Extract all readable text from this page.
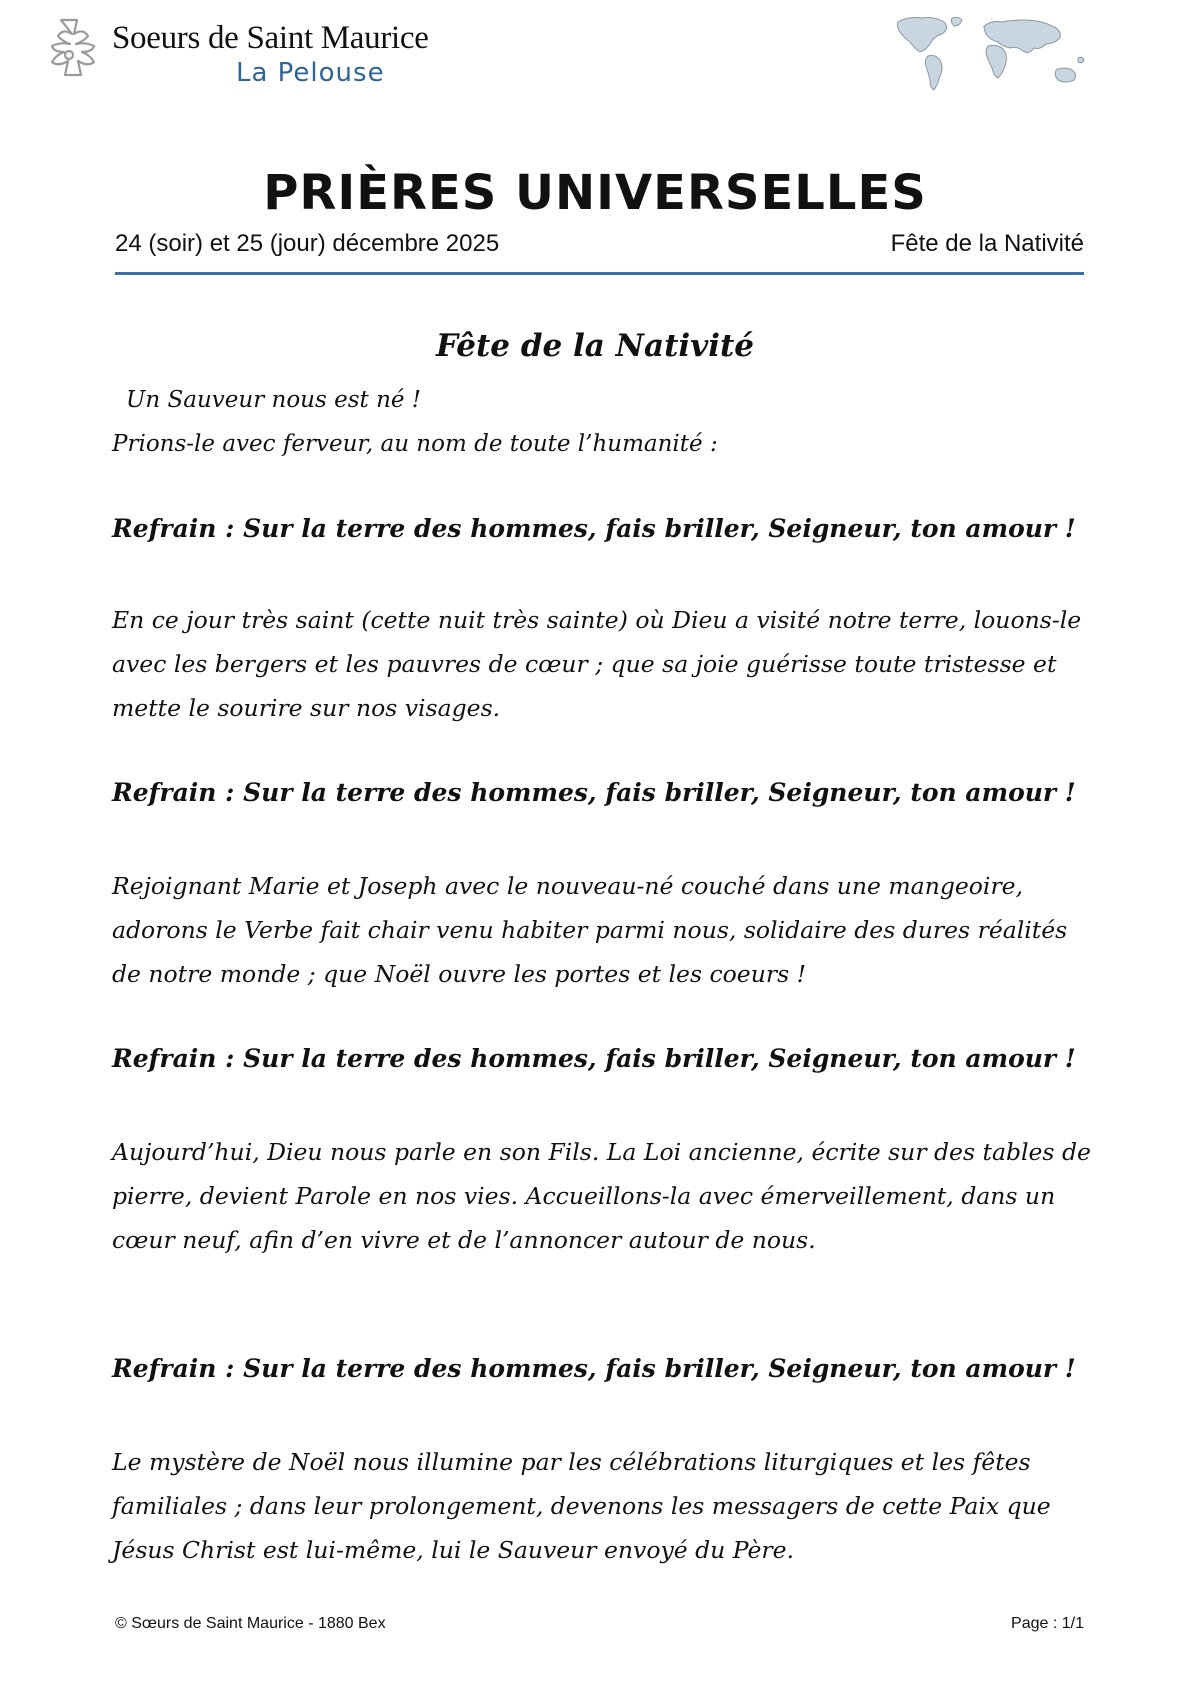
Soeurs de Saint Maurice
La Pelouse
PRIÈRES UNIVERSELLES
24 (soir) et 25 (jour) décembre 2025	Fête de la Nativité
Fête de la Nativité
Un Sauveur nous est né !
Prions-le avec ferveur, au nom de toute l’humanité :
Refrain : Sur la terre des hommes, fais briller, Seigneur, ton amour !
En ce jour très saint (cette nuit très sainte) où Dieu a visité notre terre, louons-le avec les bergers et les pauvres de cœur ; que sa joie guérisse toute tristesse et mette le sourire sur nos visages.
Refrain : Sur la terre des hommes, fais briller, Seigneur, ton amour !
Rejoignant Marie et Joseph avec le nouveau-né couché dans une mangeoire, adorons le Verbe fait chair venu habiter parmi nous, solidaire des dures réalités de notre monde ; que Noël ouvre les portes et les coeurs !
Refrain : Sur la terre des hommes, fais briller, Seigneur, ton amour !
Aujourd’hui, Dieu nous parle en son Fils. La Loi ancienne, écrite sur des tables de pierre, devient Parole en nos vies. Accueillons-la avec émerveillement, dans un cœur neuf, afin d’en vivre et de l’annoncer autour de nous.
Refrain : Sur la terre des hommes, fais briller, Seigneur, ton amour !
Le mystère de Noël nous illumine par les célébrations liturgiques et les fêtes familiales ; dans leur prolongement, devenons les messagers de cette Paix que Jésus Christ est lui-même, lui le Sauveur envoyé du Père.
© Sœurs de Saint Maurice - 1880 Bex	Page : 1/1
